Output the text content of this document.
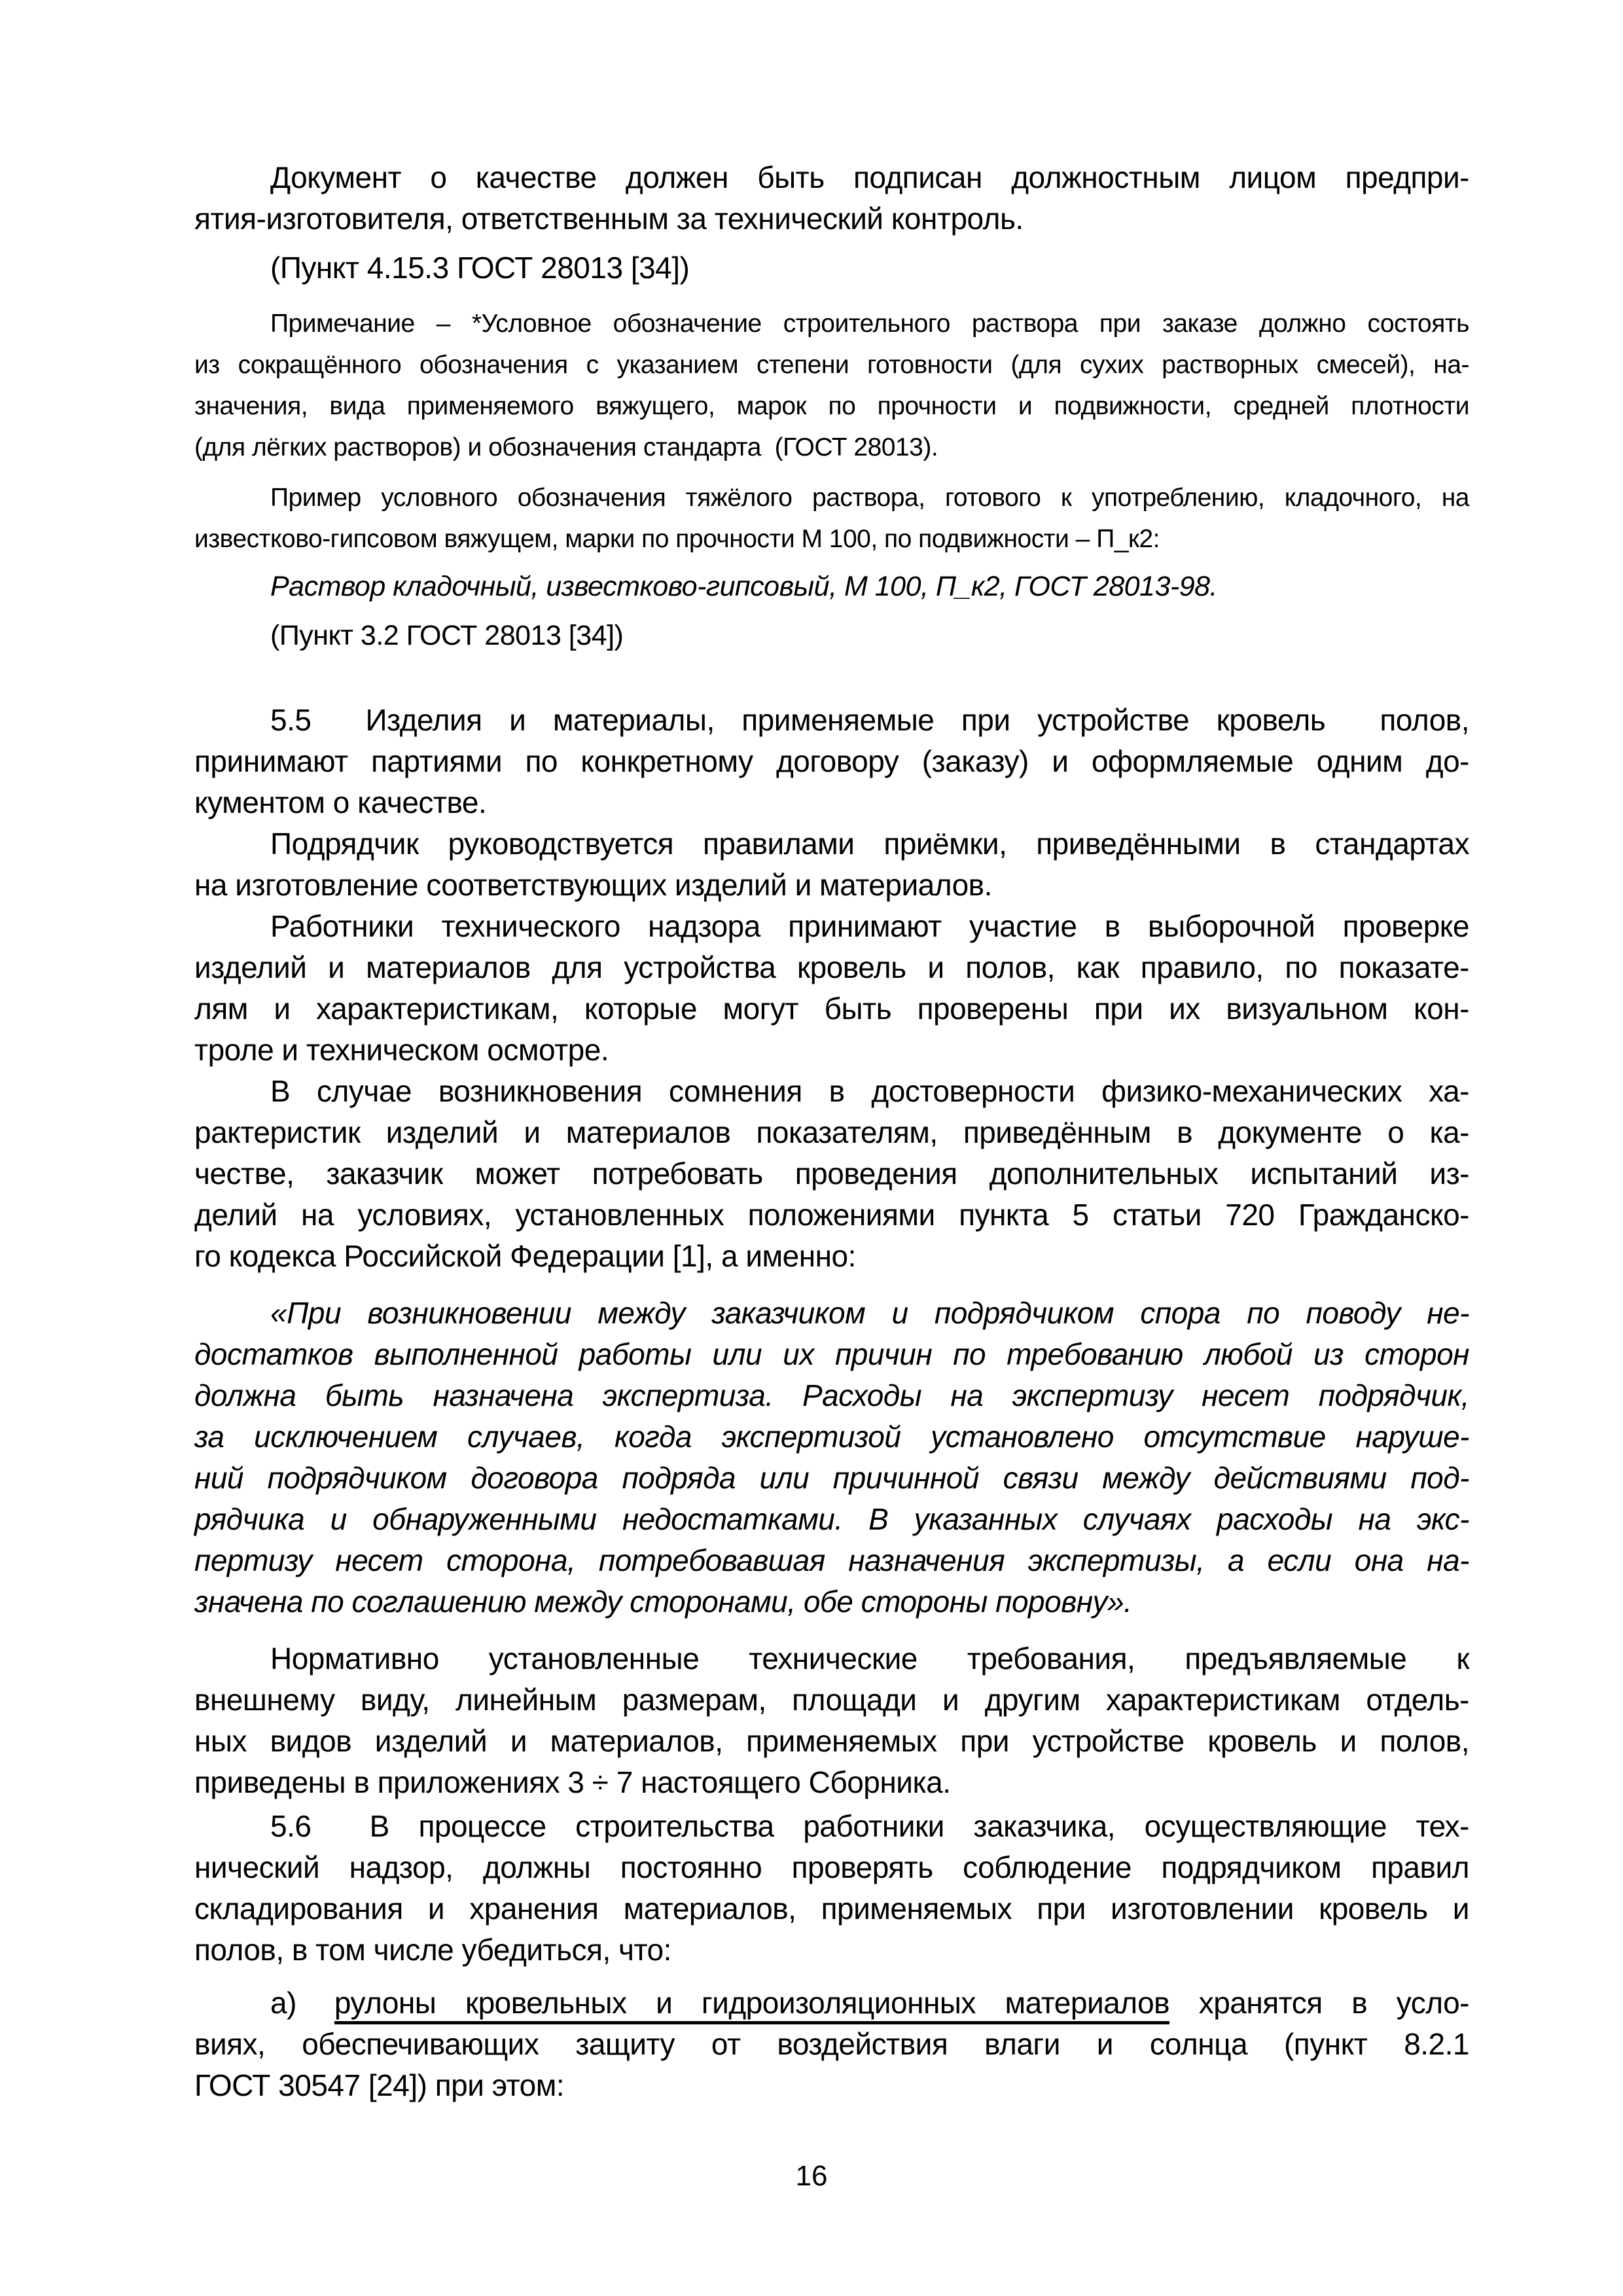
Документ о качестве должен быть подписан должностным лицом предпри-
ятия-изготовителя, ответственным за технический контроль.
(Пункт 4.15.3 ГОСТ 28013 [34])
Примечание – *Условное обозначение строительного раствора при заказе должно состоять
из сокращённого обозначения с указанием степени готовности (для сухих растворных смесей), на-
значения, вида применяемого вяжущего, марок по прочности и подвижности, средней плотности
(для лёгких растворов) и обозначения стандарта  (ГОСТ 28013).
Пример условного обозначения тяжёлого раствора, готового к употреблению, кладочного, на
известково-гипсовом вяжущем, марки по прочности М 100, по подвижности – П_к2:
Раствор кладочный, известково-гипсовый, М 100, П_к2, ГОСТ 28013-98.
(Пункт 3.2 ГОСТ 28013 [34])
5.5  Изделия и материалы, применяемые при устройстве кровель  полов,
принимают партиями по конкретному договору (заказу) и оформляемые одним до-
кументом о качестве.
Подрядчик руководствуется правилами приёмки, приведёнными в стандартах
на изготовление соответствующих изделий и материалов.
Работники технического надзора принимают участие в выборочной проверке
изделий и материалов для устройства кровель и полов, как правило, по показате-
лям и характеристикам, которые могут быть проверены при их визуальном кон-
троле и техническом осмотре.
В случае возникновения сомнения в достоверности физико-механических ха-
рактеристик изделий и материалов показателям, приведённым в документе о ка-
честве, заказчик может потребовать проведения дополнительных испытаний из-
делий на условиях, установленных положениями пункта 5 статьи 720 Гражданско-
го кодекса Российской Федерации [1], а именно:
«При возникновении между заказчиком и подрядчиком спора по поводу не-
достатков выполненной работы или их причин по требованию любой из сторон
должна быть назначена экспертиза. Расходы на экспертизу несет подрядчик,
за исключением случаев, когда экспертизой установлено отсутствие наруше-
ний подрядчиком договора подряда или причинной связи между действиями под-
рядчика и обнаруженными недостатками. В указанных случаях расходы на экс-
пертизу несет сторона, потребовавшая назначения экспертизы, а если она на-
значена по соглашению между сторонами, обе стороны поровну».
Нормативно установленные технические требования, предъявляемые к
внешнему виду, линейным размерам, площади и другим характеристикам отдель-
ных видов изделий и материалов, применяемых при устройстве кровель и полов,
приведены в приложениях 3 ÷ 7 настоящего Сборника.
5.6  В процессе строительства работники заказчика, осуществляющие тех-
нический надзор, должны постоянно проверять соблюдение подрядчиком правил
складирования и хранения материалов, применяемых при изготовлении кровель и
полов, в том числе убедиться, что:
а) рулоны кровельных и гидроизоляционных материалов хранятся в усло-
виях, обеспечивающих защиту от воздействия влаги и солнца (пункт 8.2.1
ГОСТ 30547 [24]) при этом:
16
